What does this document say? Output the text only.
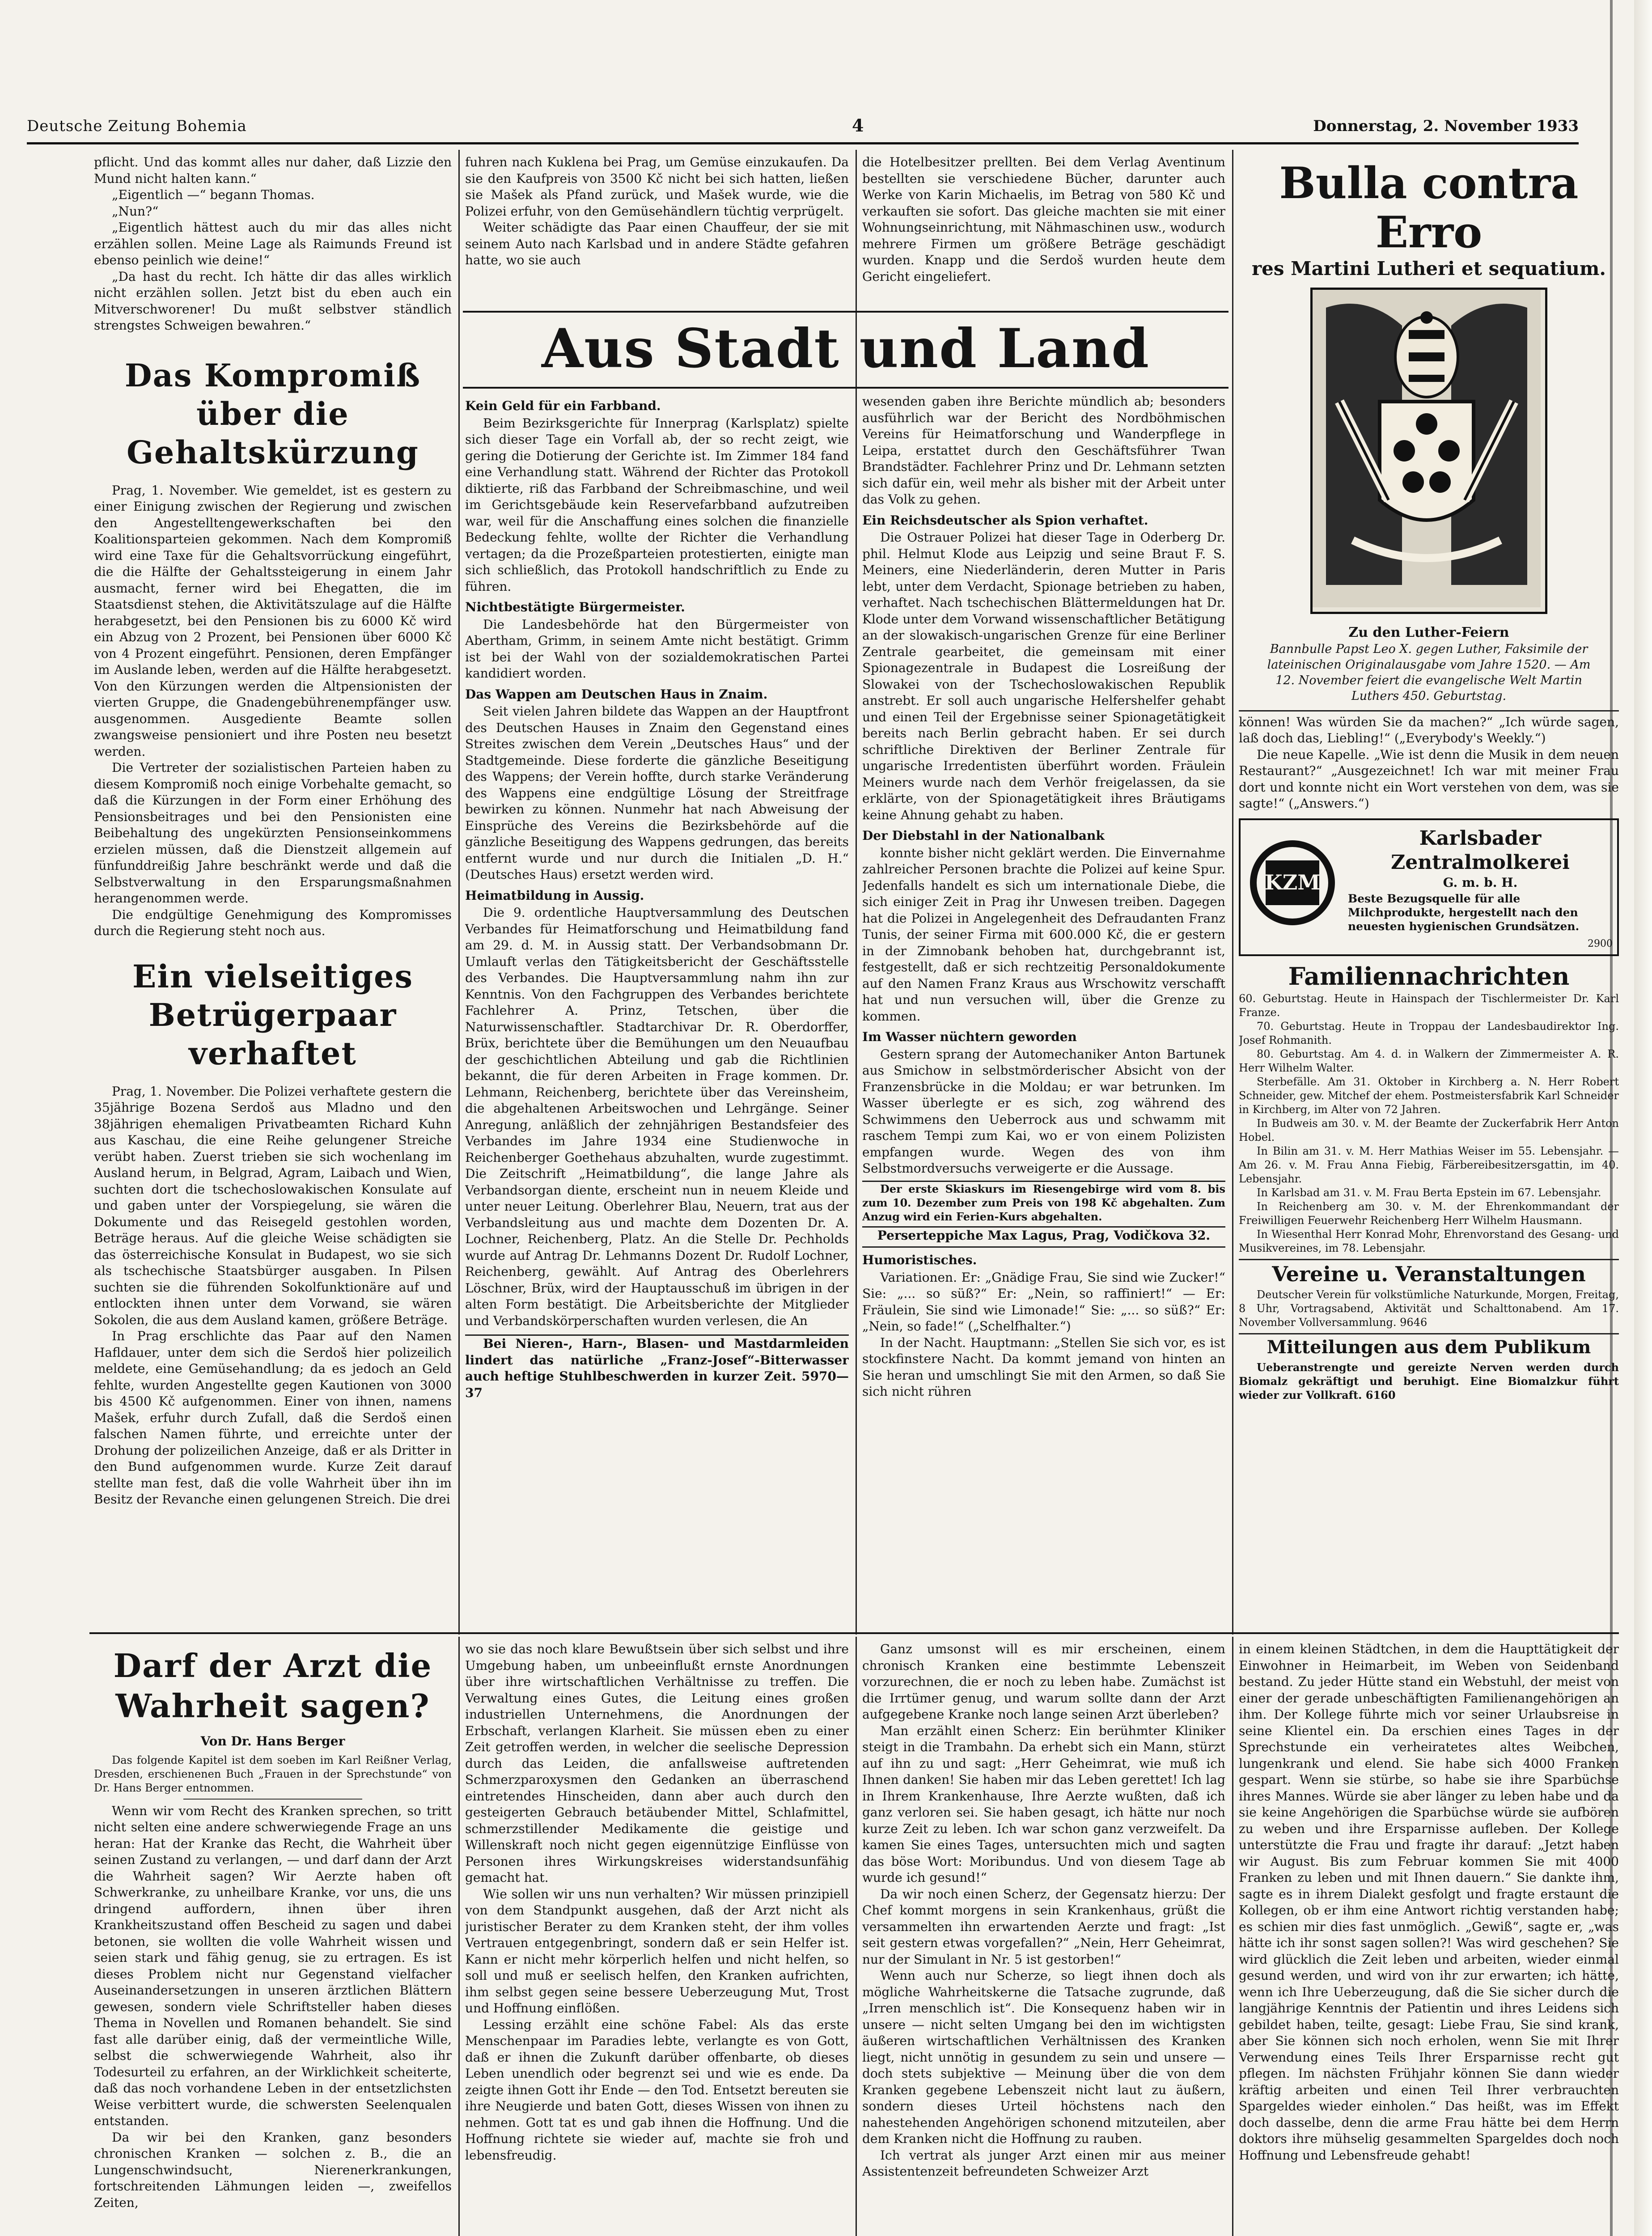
Deutsche Zeitung Bohemia	4	Donnerstag, 2. November 1933

pflicht. Und das kommt alles nur daher, daß Lizzie den Mund nicht halten kann.“

„Eigentlich —“ begann Thomas.

„Nun?“

„Eigentlich hättest auch du mir das alles nicht erzählen sollen. Meine Lage als Raimunds Freund ist ebenso peinlich wie deine!“

„Da hast du recht. Ich hätte dir das alles wirklich nicht erzählen sollen. Jetzt bist du eben auch ein Mitverschworener! Du mußt selbstver ständlich strengstes Schweigen bewahren.“

Das Kompromiß über die Gehaltskürzung

Prag, 1. November. Wie gemeldet, ist es gestern zu einer Einigung zwischen der Regierung und zwischen den Angestelltengewerkschaften bei den Koalitionsparteien gekommen. Nach dem Kompromiß wird eine Taxe für die Gehaltsvorrückung eingeführt, die die Hälfte der Gehaltssteigerung in einem Jahr ausmacht, ferner wird bei Ehegatten, die im Staatsdienst stehen, die Aktivitätszulage auf die Hälfte herabgesetzt, bei den Pensionen bis zu 6000 Kč wird ein Abzug von 2 Prozent, bei Pensionen über 6000 Kč von 4 Prozent eingeführt. Pensionen, deren Empfänger im Auslande leben, werden auf die Hälfte herabgesetzt. Von den Kürzungen werden die Altpensionisten der vierten Gruppe, die Gnadengebührenempfänger usw. ausgenommen. Ausgediente Beamte sollen zwangsweise pensioniert und ihre Posten neu besetzt werden.

Die Vertreter der sozialistischen Parteien haben zu diesem Kompromiß noch einige Vorbehalte gemacht, so daß die Kürzungen in der Form einer Erhöhung des Pensionsbeitrages und bei den Pensionisten eine Beibehaltung des ungekürzten Pensionseinkommens erzielen müssen, daß die Dienstzeit allgemein auf fünfunddreißig Jahre beschränkt werde und daß die Selbstverwaltung in den Ersparungsmaßnahmen herangenommen werde.

Die endgültige Genehmigung des Kompromisses durch die Regierung steht noch aus.

Ein vielseitiges Betrügerpaar verhaftet

Prag, 1. November. Die Polizei verhaftete gestern die 35jährige Bozena Serdoš aus Mladno und den 38jährigen ehemaligen Privatbeamten Richard Kuhn aus Kaschau, die eine Reihe gelungener Streiche verübt haben. Zuerst trieben sie sich wochenlang im Ausland herum, in Belgrad, Agram, Laibach und Wien, suchten dort die tschechoslowakischen Konsulate auf und gaben unter der Vorspiegelung, sie wären die Dokumente und das Reisegeld gestohlen worden, Beträge heraus. Auf die gleiche Weise schädigten sie das österreichische Konsulat in Budapest, wo sie sich als tschechische Staatsbürger ausgaben. In Pilsen suchten sie die führenden Sokolfunktionäre auf und entlockten ihnen unter dem Vorwand, sie wären Sokolen, die aus dem Ausland kamen, größere Beträge.

In Prag erschlichte das Paar auf den Namen Hafldauer, unter dem sich die Serdoš hier polizeilich meldete, eine Gemüsehandlung; da es jedoch an Geld fehlte, wurden Angestellte gegen Kautionen von 3000 bis 4500 Kč aufgenommen. Einer von ihnen, namens Mašek, erfuhr durch Zufall, daß die Serdoš einen falschen Namen führte, und erreichte unter der Drohung der polizeilichen Anzeige, daß er als Dritter in den Bund aufgenommen wurde. Kurze Zeit darauf stellte man fest, daß die volle Wahrheit über ihn im Besitz der Revanche einen gelungenen Streich. Die drei

fuhren nach Kuklena bei Prag, um Gemüse einzukaufen. Da sie den Kaufpreis von 3500 Kč nicht bei sich hatten, ließen sie Mašek als Pfand zurück, und Mašek wurde, wie die Polizei erfuhr, von den Gemüsehändlern tüchtig verprügelt.

Weiter schädigte das Paar einen Chauffeur, der sie mit seinem Auto nach Karlsbad und in andere Städte gefahren hatte, wo sie auch

die Hotelbesitzer prellten. Bei dem Verlag Aventinum bestellten sie verschiedene Bücher, darunter auch Werke von Karin Michaelis, im Betrag von 580 Kč und verkauften sie sofort. Das gleiche machten sie mit einer Wohnungseinrichtung, mit Nähmaschinen usw., wodurch mehrere Firmen um größere Beträge geschädigt wurden. Knapp und die Serdoš wurden heute dem Gericht eingeliefert.

Aus Stadt und Land
Kein Geld für ein Farbband.

Beim Bezirksgerichte für Innerprag (Karlsplatz) spielte sich dieser Tage ein Vorfall ab, der so recht zeigt, wie gering die Dotierung der Gerichte ist. Im Zimmer 184 fand eine Verhandlung statt. Während der Richter das Protokoll diktierte, riß das Farbband der Schreibmaschine, und weil im Gerichtsgebäude kein Reservefarbband aufzutreiben war, weil für die Anschaffung eines solchen die finanzielle Bedeckung fehlte, wollte der Richter die Verhandlung vertagen; da die Prozeßparteien protestierten, einigte man sich schließlich, das Protokoll handschriftlich zu Ende zu führen.

Nichtbestätigte Bürgermeister.

Die Landesbehörde hat den Bürgermeister von Abertham, Grimm, in seinem Amte nicht bestätigt. Grimm ist bei der Wahl von der sozialdemokratischen Partei kandidiert worden.

Das Wappen am Deutschen Haus in Znaim.

Seit vielen Jahren bildete das Wappen an der Hauptfront des Deutschen Hauses in Znaim den Gegenstand eines Streites zwischen dem Verein „Deutsches Haus“ und der Stadtgemeinde. Diese forderte die gänzliche Beseitigung des Wappens; der Verein hoffte, durch starke Veränderung des Wappens eine endgültige Lösung der Streitfrage bewirken zu können. Nunmehr hat nach Abweisung der Einsprüche des Vereins die Bezirksbehörde auf die gänzliche Beseitigung des Wappens gedrungen, das bereits entfernt wurde und nur durch die Initialen „D. H.“ (Deutsches Haus) ersetzt werden wird.

Heimatbildung in Aussig.

Die 9. ordentliche Hauptversammlung des Deutschen Verbandes für Heimatforschung und Heimatbildung fand am 29. d. M. in Aussig statt. Der Verbandsobmann Dr. Umlauft verlas den Tätigkeitsbericht der Geschäftsstelle des Verbandes. Die Hauptversammlung nahm ihn zur Kenntnis. Von den Fachgruppen des Verbandes berichtete Fachlehrer A. Prinz, Tetschen, über die Naturwissenschaftler. Stadtarchivar Dr. R. Oberdorffer, Brüx, berichtete über die Bemühungen um den Neuaufbau der geschichtlichen Abteilung und gab die Richtlinien bekannt, die für deren Arbeiten in Frage kommen. Dr. Lehmann, Reichenberg, berichtete über das Vereinsheim, die abgehaltenen Arbeitswochen und Lehrgänge. Seiner Anregung, anläßlich der zehnjährigen Bestandsfeier des Verbandes im Jahre 1934 eine Studienwoche in Reichenberger Goethehaus abzuhalten, wurde zugestimmt. Die Zeitschrift „Heimatbildung“, die lange Jahre als Verbandsorgan diente, erscheint nun in neuem Kleide und unter neuer Leitung. Oberlehrer Blau, Neuern, trat aus der Verbandsleitung aus und machte dem Dozenten Dr. A. Lochner, Reichenberg, Platz. An die Stelle Dr. Pechholds wurde auf Antrag Dr. Lehmanns Dozent Dr. Rudolf Lochner, Reichenberg, gewählt. Auf Antrag des Oberlehrers Löschner, Brüx, wird der Hauptausschuß im übrigen in der alten Form bestätigt. Die Arbeitsberichte der Mitglieder und Verbandskörperschaften wurden verlesen, die An

Bei Nieren-, Harn-, Blasen- und Mastdarmleiden lindert das natürliche „Franz-Josef“-Bitterwasser auch heftige Stuhlbeschwerden in kurzer Zeit. 5970—37

wesenden gaben ihre Berichte mündlich ab; besonders ausführlich war der Bericht des Nordböhmischen Vereins für Heimatforschung und Wanderpflege in Leipa, erstattet durch den Geschäftsführer Twan Brandstädter. Fachlehrer Prinz und Dr. Lehmann setzten sich dafür ein, weil mehr als bisher mit der Arbeit unter das Volk zu gehen.

Ein Reichsdeutscher als Spion verhaftet.

Die Ostrauer Polizei hat dieser Tage in Oderberg Dr. phil. Helmut Klode aus Leipzig und seine Braut F. S. Meiners, eine Niederländerin, deren Mutter in Paris lebt, unter dem Verdacht, Spionage betrieben zu haben, verhaftet. Nach tschechischen Blättermeldungen hat Dr. Klode unter dem Vorwand wissenschaftlicher Betätigung an der slowakisch-ungarischen Grenze für eine Berliner Zentrale gearbeitet, die gemeinsam mit einer Spionagezentrale in Budapest die Losreißung der Slowakei von der Tschechoslowakischen Republik anstrebt. Er soll auch ungarische Helfershelfer gehabt und einen Teil der Ergebnisse seiner Spionagetätigkeit bereits nach Berlin gebracht haben. Er sei durch schriftliche Direktiven der Berliner Zentrale für ungarische Irredentisten überführt worden. Fräulein Meiners wurde nach dem Verhör freigelassen, da sie erklärte, von der Spionagetätigkeit ihres Bräutigams keine Ahnung gehabt zu haben.

Der Diebstahl in der Nationalbank

konnte bisher nicht geklärt werden. Die Einvernahme zahlreicher Personen brachte die Polizei auf keine Spur. Jedenfalls handelt es sich um internationale Diebe, die sich einiger Zeit in Prag ihr Unwesen treiben. Dagegen hat die Polizei in Angelegenheit des Defraudanten Franz Tunis, der seiner Firma mit 600.000 Kč, die er gestern in der Zimnobank behoben hat, durchgebrannt ist, festgestellt, daß er sich rechtzeitig Personaldokumente auf den Namen Franz Kraus aus Wrschowitz verschafft hat und nun versuchen will, über die Grenze zu kommen.

Im Wasser nüchtern geworden

Gestern sprang der Automechaniker Anton Bartunek aus Smichow in selbstmörderischer Absicht von der Franzensbrücke in die Moldau; er war betrunken. Im Wasser überlegte er es sich, zog während des Schwimmens den Ueberrock aus und schwamm mit raschem Tempi zum Kai, wo er von einem Polizisten empfangen wurde. Wegen des von ihm Selbstmordversuchs verweigerte er die Aussage.

Der erste Skiaskurs im Riesengebirge wird vom 8. bis zum 10. Dezember zum Preis von 198 Kč abgehalten. Zum Anzug wird ein Ferien-Kurs abgehalten.

Perserteppiche Max Lagus, Prag, Vodičkova 32.

Humoristisches.

Variationen. Er: „Gnädige Frau, Sie sind wie Zucker!“ Sie: „... so süß?“ Er: „Nein, so raffiniert!“ — Er: Fräulein, Sie sind wie Limonade!“ Sie: „... so süß?“ Er: „Nein, so fade!“ („Schelfhalter.“)

In der Nacht. Hauptmann: „Stellen Sie sich vor, es ist stockfinstere Nacht. Da kommt jemand von hinten an Sie heran und umschlingt Sie mit den Armen, so daß Sie sich nicht rühren

Bulla contra Erro
res Martini Lutheri et sequatium.
Zu den Luther-Feiern
Bannbulle Papst Leo X. gegen Luther, Faksimile der lateinischen Originalausgabe vom Jahre 1520. — Am 12. November feiert die evangelische Welt Martin Luthers 450. Geburtstag.

können! Was würden Sie da machen?“ „Ich würde sagen, laß doch das, Liebling!“ („Everybody's Weekly.“)

Die neue Kapelle. „Wie ist denn die Musik in dem neuen Restaurant?“ „Ausgezeichnet! Ich war mit meiner Frau dort und konnte nicht ein Wort verstehen von dem, was sie sagte!“ („Answers.“)

KZM
Karlsbader Zentralmolkerei
G. m. b. H.
Beste Bezugsquelle für alle Milchprodukte, hergestellt nach den neuesten hygienischen Grundsätzen.
2900
Familiennachrichten

60. Geburtstag. Heute in Hainspach der Tischlermeister Dr. Karl Franze.

70. Geburtstag. Heute in Troppau der Landesbaudirektor Ing. Josef Rohmanith.

80. Geburtstag. Am 4. d. in Walkern der Zimmermeister A. R. Herr Wilhelm Walter.

Sterbefälle. Am 31. Oktober in Kirchberg a. N. Herr Robert Schneider, gew. Mitchef der ehem. Postmeistersfabrik Karl Schneider in Kirchberg, im Alter von 72 Jahren.

In Budweis am 30. v. M. der Beamte der Zuckerfabrik Herr Anton Hobel.

In Bilin am 31. v. M. Herr Mathias Weiser im 55. Lebensjahr. — Am 26. v. M. Frau Anna Fiebig, Färbereibesitzersgattin, im 40. Lebensjahr.

In Karlsbad am 31. v. M. Frau Berta Epstein im 67. Lebensjahr.

In Reichenberg am 30. v. M. der Ehrenkommandant der Freiwilligen Feuerwehr Reichenberg Herr Wilhelm Hausmann.

In Wiesenthal Herr Konrad Mohr, Ehrenvorstand des Gesang- und Musikvereines, im 78. Lebensjahr.

Vereine u. Veranstaltungen

Deutscher Verein für volkstümliche Naturkunde, Morgen, Freitag, 8 Uhr, Vortragsabend, Aktivität und Schalttonabend. Am 17. November Vollversammlung. 9646

Mitteilungen aus dem Publikum

Ueberanstrengte und gereizte Nerven werden durch Biomalz gekräftigt und beruhigt. Eine Biomalzkur führt wieder zur Vollkraft. 6160

Darf der Arzt die Wahrheit sagen?
Von Dr. Hans Berger

Das folgende Kapitel ist dem soeben im Karl Reißner Verlag, Dresden, erschienenen Buch „Frauen in der Sprechstunde“ von Dr. Hans Berger entnommen.

Wenn wir vom Recht des Kranken sprechen, so tritt nicht selten eine andere schwerwiegende Frage an uns heran: Hat der Kranke das Recht, die Wahrheit über seinen Zustand zu verlangen, — und darf dann der Arzt die Wahrheit sagen? Wir Aerzte haben oft Schwerkranke, zu unheilbare Kranke, vor uns, die uns dringend auffordern, ihnen über ihren Krankheitszustand offen Bescheid zu sagen und dabei betonen, sie wollten die volle Wahrheit wissen und seien stark und fähig genug, sie zu ertragen. Es ist dieses Problem nicht nur Gegenstand vielfacher Auseinandersetzungen in unseren ärztlichen Blättern gewesen, sondern viele Schriftsteller haben dieses Thema in Novellen und Romanen behandelt. Sie sind fast alle darüber einig, daß der vermeintliche Wille, selbst die schwerwiegende Wahrheit, also ihr Todesurteil zu erfahren, an der Wirklichkeit scheiterte, daß das noch vorhandene Leben in der entsetzlichsten Weise verbittert wurde, die schwersten Seelenqualen entstanden.

Da wir bei den Kranken, ganz besonders chronischen Kranken — solchen z. B., die an Lungenschwindsucht, Nierenerkrankungen, fortschreitenden Lähmungen leiden —, zweifellos Zeiten,

wo sie das noch klare Bewußtsein über sich selbst und ihre Umgebung haben, um unbeeinflußt ernste Anordnungen über ihre wirtschaftlichen Verhältnisse zu treffen. Die Verwaltung eines Gutes, die Leitung eines großen industriellen Unternehmens, die Anordnungen der Erbschaft, verlangen Klarheit. Sie müssen eben zu einer Zeit getroffen werden, in welcher die seelische Depression durch das Leiden, die anfallsweise auftretenden Schmerzparoxysmen den Gedanken an überraschend eintretendes Hinscheiden, dann aber auch durch den gesteigerten Gebrauch betäubender Mittel, Schlafmittel, schmerzstillender Medikamente die geistige und Willenskraft noch nicht gegen eigennützige Einflüsse von Personen ihres Wirkungskreises widerstandsunfähig gemacht hat.

Wie sollen wir uns nun verhalten? Wir müssen prinzipiell von dem Standpunkt ausgehen, daß der Arzt nicht als juristischer Berater zu dem Kranken steht, der ihm volles Vertrauen entgegenbringt, sondern daß er sein Helfer ist. Kann er nicht mehr körperlich helfen und nicht helfen, so soll und muß er seelisch helfen, den Kranken aufrichten, ihm selbst gegen seine bessere Ueberzeugung Mut, Trost und Hoffnung einflößen.

Lessing erzählt eine schöne Fabel: Als das erste Menschenpaar im Paradies lebte, verlangte es von Gott, daß er ihnen die Zukunft darüber offenbarte, ob dieses Leben unendlich oder begrenzt sei und wie es ende. Da zeigte ihnen Gott ihr Ende — den Tod. Entsetzt bereuten sie ihre Neugierde und baten Gott, dieses Wissen von ihnen zu nehmen. Gott tat es und gab ihnen die Hoffnung. Und die Hoffnung richtete sie wieder auf, machte sie froh und lebensfreudig.

Ganz umsonst will es mir erscheinen, einem chronisch Kranken eine bestimmte Lebenszeit vorzurechnen, die er noch zu leben habe. Zumächst ist die Irrtümer genug, und warum sollte dann der Arzt aufgegebene Kranke noch lange seinen Arzt überleben?

Man erzählt einen Scherz: Ein berühmter Kliniker steigt in die Trambahn. Da erhebt sich ein Mann, stürzt auf ihn zu und sagt: „Herr Geheimrat, wie muß ich Ihnen danken! Sie haben mir das Leben gerettet! Ich lag in Ihrem Krankenhause, Ihre Aerzte wußten, daß ich ganz verloren sei. Sie haben gesagt, ich hätte nur noch kurze Zeit zu leben. Ich war schon ganz verzweifelt. Da kamen Sie eines Tages, untersuchten mich und sagten das böse Wort: Moribundus. Und von diesem Tage ab wurde ich gesund!“

Da wir noch einen Scherz, der Gegensatz hierzu: Der Chef kommt morgens in sein Krankenhaus, grüßt die versammelten ihn erwartenden Aerzte und fragt: „Ist seit gestern etwas vorgefallen?“ „Nein, Herr Geheimrat, nur der Simulant in Nr. 5 ist gestorben!“

Wenn auch nur Scherze, so liegt ihnen doch als mögliche Wahrheitskerne die Tatsache zugrunde, daß „Irren menschlich ist“. Die Konsequenz haben wir in unsere — nicht selten Umgang bei den im wichtigsten äußeren wirtschaftlichen Verhältnissen des Kranken liegt, nicht unnötig in gesundem zu sein und unsere — doch stets subjektive — Meinung über die von dem Kranken gegebene Lebenszeit nicht laut zu äußern, sondern dieses Urteil höchstens nach den nahestehenden Angehörigen schonend mitzuteilen, aber dem Kranken nicht die Hoffnung zu rauben.

Ich vertrat als junger Arzt einen mir aus meiner Assistentenzeit befreundeten Schweizer Arzt

in einem kleinen Städtchen, in dem die Haupttätigkeit der Einwohner in Heimarbeit, im Weben von Seidenband bestand. Zu jeder Hütte stand ein Webstuhl, der meist von einer der gerade unbeschäftigten Familienangehörigen an ihm. Der Kollege führte mich vor seiner Urlaubsreise in seine Klientel ein. Da erschien eines Tages in der Sprechstunde ein verheiratetes altes Weibchen, lungenkrank und elend. Sie habe sich 4000 Franken gespart. Wenn sie stürbe, so habe sie ihre Sparbüchse ihres Mannes. Würde sie aber länger zu leben habe und da sie keine Angehörigen die Sparbüchse würde sie aufbören zu weben und ihre Ersparnisse aufleben. Der Kollege unterstützte die Frau und fragte ihr darauf: „Jetzt haben wir August. Bis zum Februar kommen Sie mit 4000 Franken zu leben und mit Ihnen dauern.“ Sie dankte ihm, sagte es in ihrem Dialekt gesfolgt und fragte erstaunt die Kollegen, ob er ihm eine Antwort richtig verstanden habe; es schien mir dies fast unmöglich. „Gewiß“, sagte er, „was hätte ich ihr sonst sagen sollen?! Was wird geschehen? Sie wird glücklich die Zeit leben und arbeiten, wieder einmal gesund werden, und wird von ihr zur erwarten; ich hätte, wenn ich Ihre Ueberzeugung, daß die Sie sicher durch die langjährige Kenntnis der Patientin und ihres Leidens sich gebildet haben, teilte, gesagt: Liebe Frau, Sie sind krank, aber Sie können sich noch erholen, wenn Sie mit Ihrer Verwendung eines Teils Ihrer Ersparnisse recht gut pflegen. Im nächsten Frühjahr können Sie dann wieder kräftig arbeiten und einen Teil Ihrer verbrauchten Spargeldes wieder einholen.“ Das heißt, was im Effekt doch dasselbe, denn die arme Frau hätte bei dem Herrn doktors ihre mühselig gesammelten Spargeldes doch noch Hoffnung und Lebensfreude gehabt!
